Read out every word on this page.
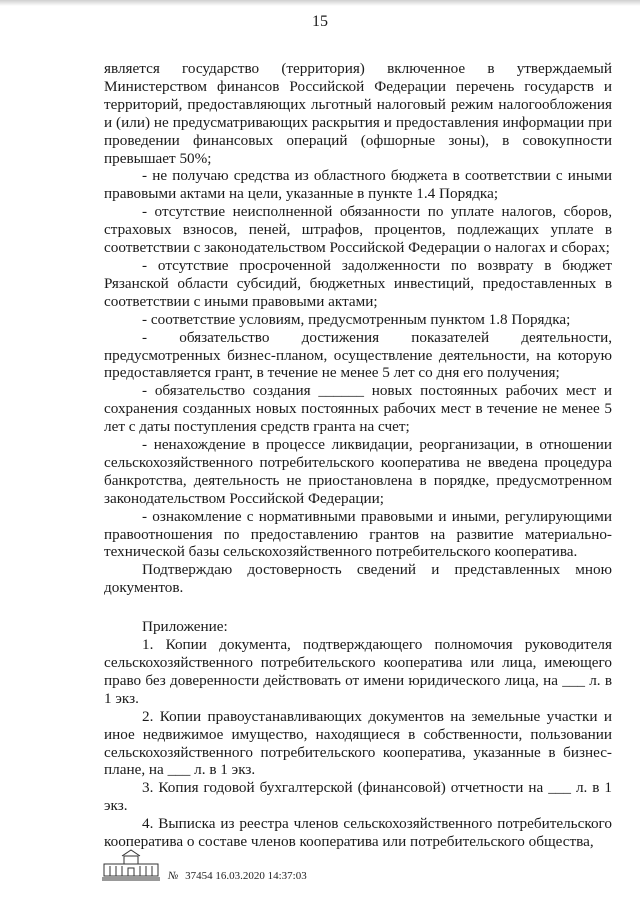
15

является государство (территория) включенное в утверждаемый Министерством финансов Российской Федерации перечень государств и территорий, предоставляющих льготный налоговый режим налогообложения и (или) не предусматривающих раскрытия и предоставления информации при проведении финансовых операций (офшорные зоны), в совокупности превышает 50%;

- не получаю средства из областного бюджета в соответствии с иными правовыми актами на цели, указанные в пункте 1.4 Порядка;

- отсутствие неисполненной обязанности по уплате налогов, сборов, страховых взносов, пеней, штрафов, процентов, подлежащих уплате в соответствии с законодательством Российской Федерации о налогах и сборах;

- отсутствие просроченной задолженности по возврату в бюджет Рязанской области субсидий, бюджетных инвестиций, предоставленных в соответствии с иными правовыми актами;

- соответствие условиям, предусмотренным пунктом 1.8 Порядка;

- обязательство достижения показателей деятельности, предусмотренных бизнес-планом, осуществление деятельности, на которую предоставляется грант, в течение не менее 5 лет со дня его получения;

- обязательство создания ______ новых постоянных рабочих мест и сохранения созданных новых постоянных рабочих мест в течение не менее 5 лет с даты поступления средств гранта на счет;

- ненахождение в процессе ликвидации, реорганизации, в отношении сельскохозяйственного потребительского кооператива не введена процедура банкротства, деятельность не приостановлена в порядке, предусмотренном законодательством Российской Федерации;

- ознакомление с нормативными правовыми и иными, регулирующими правоотношения по предоставлению грантов на развитие материально-технической базы сельскохозяйственного потребительского кооператива.

Подтверждаю достоверность сведений и представленных мною документов.

Приложение:

1. Копии документа, подтверждающего полномочия руководителя сельскохозяйственного потребительского кооператива или лица, имеющего право без доверенности действовать от имени юридического лица, на ___ л. в 1 экз.

2. Копии правоустанавливающих документов на земельные участки и иное недвижимое имущество, находящиеся в собственности, пользовании сельскохозяйственного потребительского кооператива, указанные в бизнес-плане, на ___ л. в 1 экз.

3. Копия годовой бухгалтерской (финансовой) отчетности на ___ л. в 1 экз.

4. Выписка из реестра членов сельскохозяйственного потребительского кооператива о составе членов кооператива или потребительского общества,

№ 37454 16.03.2020 14:37:03
